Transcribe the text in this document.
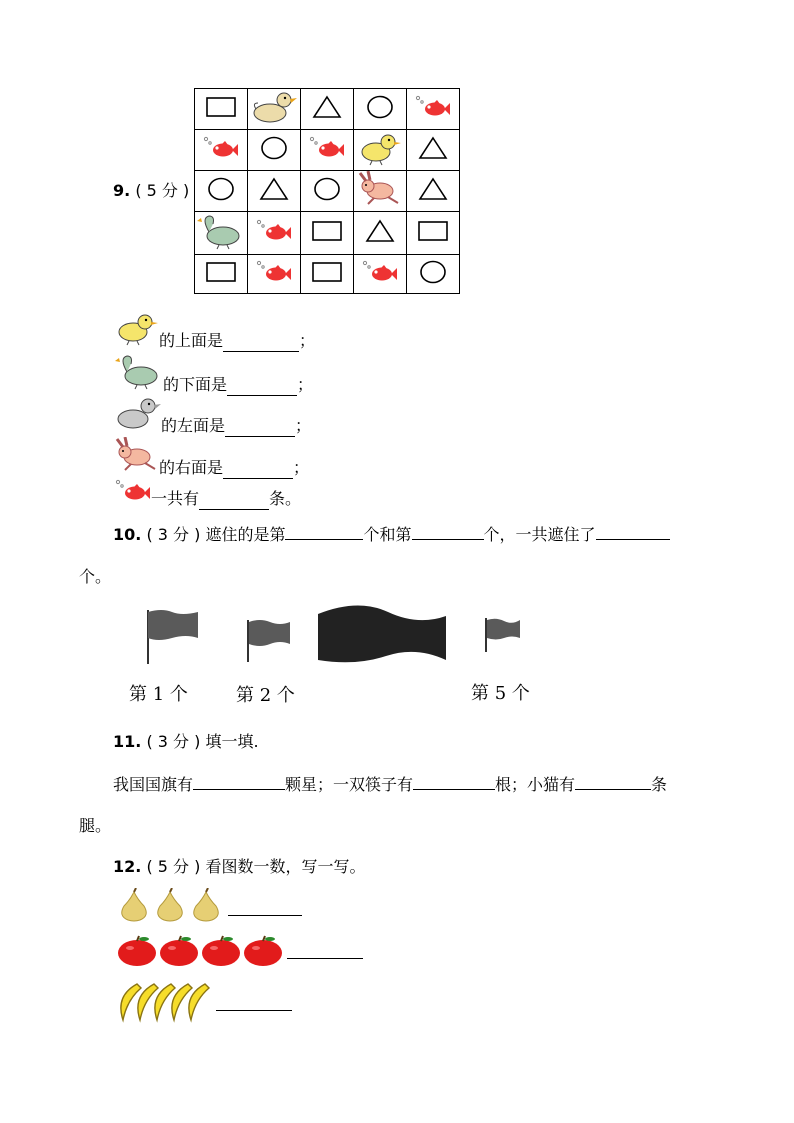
9. ( 5 分 )

的上面是	；
的下面是	；
的左面是	；
的右面是	；
一共有	条。
10. ( 3 分 ) 遮住的是第	个和第	个，一共遮住了
个。
第 1 个	第 2 个	第 5 个
11. ( 3 分 ) 填一填.
我国国旗有	颗星；一双筷子有	根；小猫有	条
腿。
12. ( 5 分 ) 看图数一数，写一写。
